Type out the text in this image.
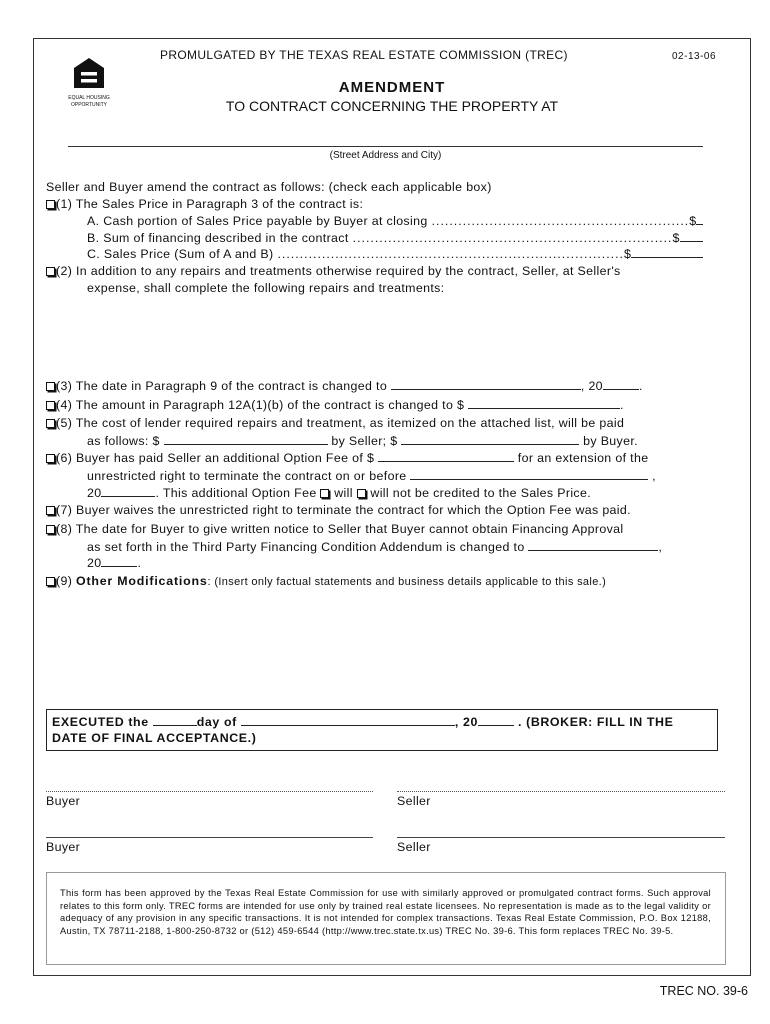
EQUAL HOUSING OPPORTUNITY
PROMULGATED BY THE TEXAS REAL ESTATE COMMISSION (TREC)	02-13-06
AMENDMENT
TO CONTRACT CONCERNING THE PROPERTY AT
(Street Address and City)
Seller and Buyer amend the contract as follows: (check each applicable box)
(1) The Sales Price in Paragraph 3 of the contract is:
A. Cash portion of Sales Price payable by Buyer at closing .......................................................... $
B. Sum of financing described in the contract ........................................................................ $
C. Sales Price (Sum of A and B) .............................................................................. $
(2) In addition to any repairs and treatments otherwise required by the contract, Seller, at Seller's
expense, shall complete the following repairs and treatments:
(3) The date in Paragraph 9 of the contract is changed to	, 20	.
(4) The amount in Paragraph 12A(1)(b) of the contract is changed to $	.
(5) The cost of lender required repairs and treatment, as itemized on the attached list, will be paid
as follows: $	by Seller; $	by Buyer.
(6) Buyer has paid Seller an additional Option Fee of $	for an extension of the
unrestricted right to terminate the contract on or before	,
20	. This additional Option Fee will will not be credited to the Sales Price.
(7) Buyer waives the unrestricted right to terminate the contract for which the Option Fee was paid.
(8) The date for Buyer to give written notice to Seller that Buyer cannot obtain Financing Approval
as set forth in the Third Party Financing Condition Addendum is changed to	,
20	.
(9) Other Modifications: (Insert only factual statements and business details applicable to this sale.)
EXECUTED the	day of	, 20	. (BROKER: FILL IN THE
DATE OF FINAL ACCEPTANCE.)
Buyer	Seller
Buyer	Seller
This form has been approved by the Texas Real Estate Commission for use with similarly approved or promulgated contract forms. Such approval relates to this form only. TREC forms are intended for use only by trained real estate licensees. No representation is made as to the legal validity or adequacy of any provision in any specific transactions. It is not intended for complex transactions. Texas Real Estate Commission, P.O. Box 12188, Austin, TX 78711-2188, 1-800-250-8732 or (512) 459-6544 (http://www.trec.state.tx.us) TREC No. 39-6. This form replaces TREC No. 39-5.
TREC NO. 39-6
